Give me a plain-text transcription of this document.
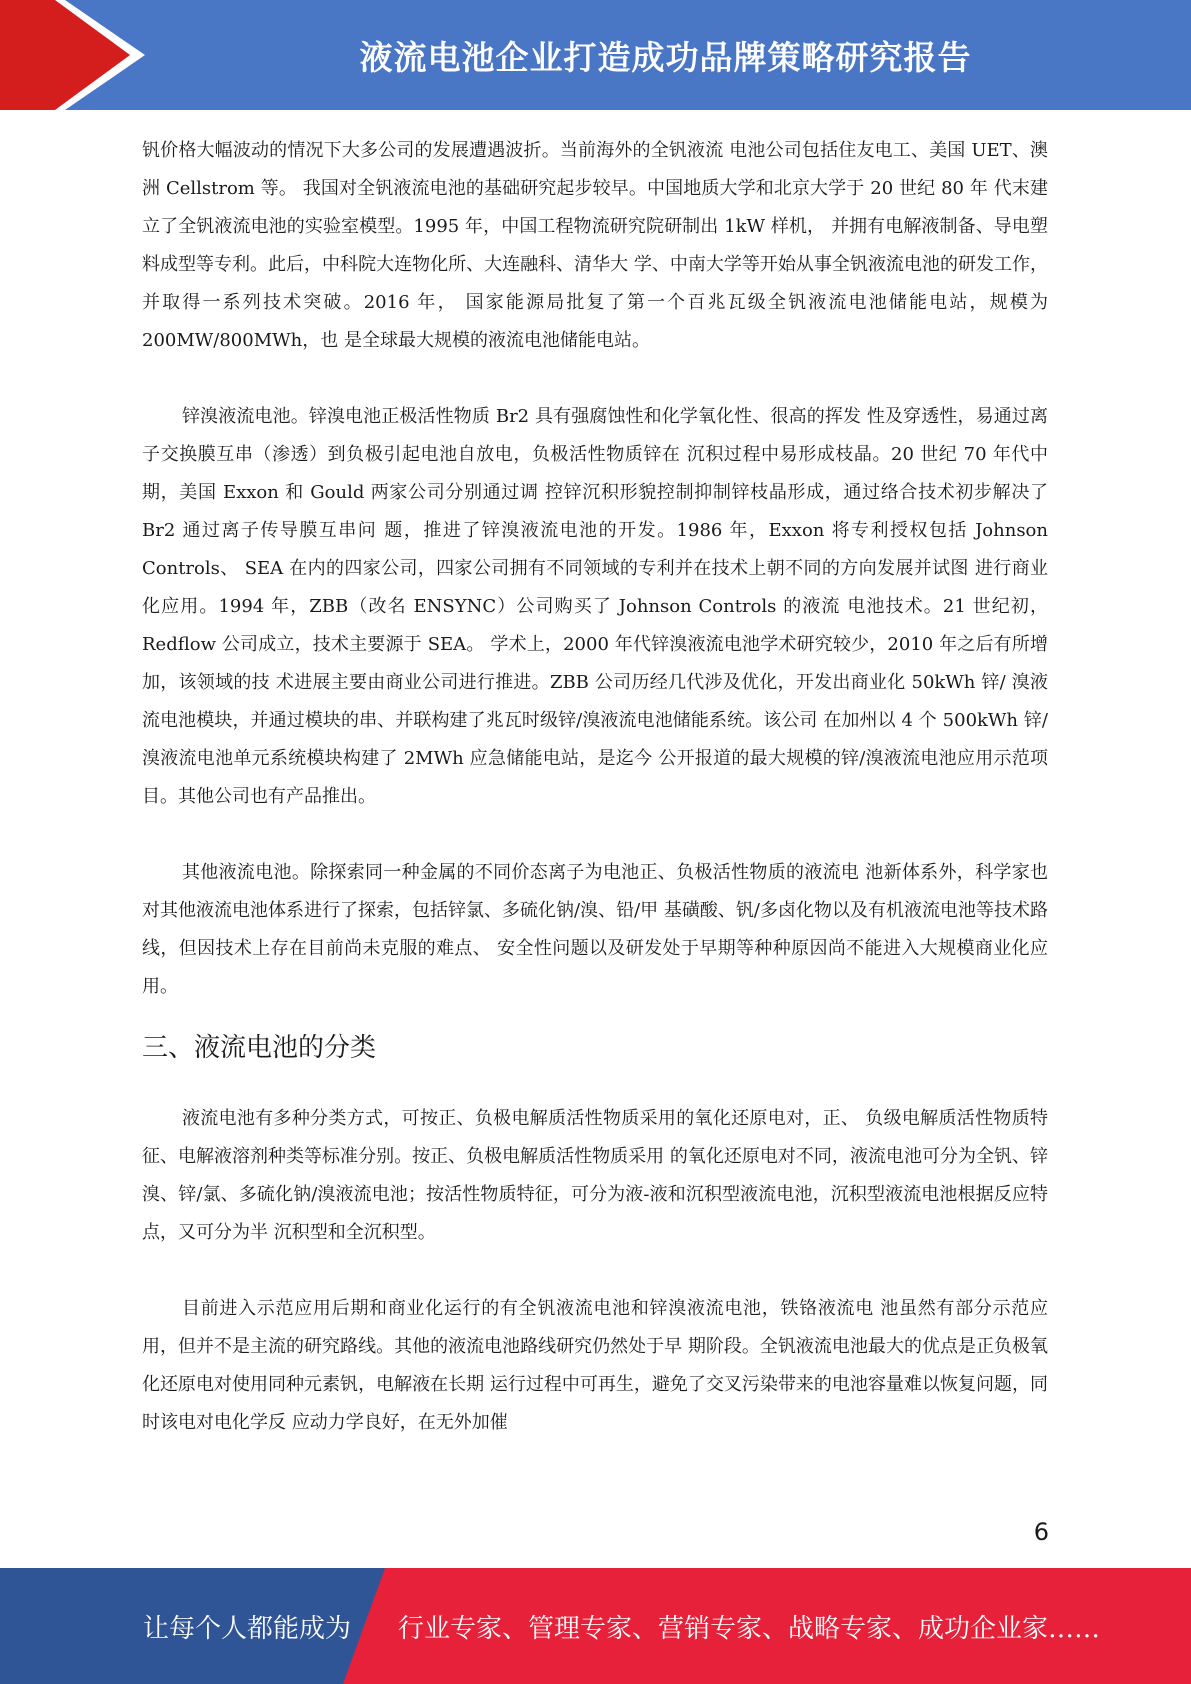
液流电池企业打造成功品牌策略研究报告

钒价格大幅波动的情况下大多公司的发展遭遇波折。当前海外的全钒液流 电池公司包括住友电工、美国 UET、澳洲 Cellstrom 等。 我国对全钒液流电池的基础研究起步较早。中国地质大学和北京大学于 20 世纪 80 年 代末建立了全钒液流电池的实验室模型。1995 年，中国工程物流研究院研制出 1kW 样机， 并拥有电解液制备、导电塑料成型等专利。此后，中科院大连物化所、大连融科、清华大 学、中南大学等开始从事全钒液流电池的研发工作，并取得一系列技术突破。2016 年， 国家能源局批复了第一个百兆瓦级全钒液流电池储能电站，规模为 200MW/800MWh，也 是全球最大规模的液流电池储能电站。

锌溴液流电池。锌溴电池正极活性物质 Br2 具有强腐蚀性和化学氧化性、很高的挥发 性及穿透性，易通过离子交换膜互串（渗透）到负极引起电池自放电，负极活性物质锌在 沉积过程中易形成枝晶。20 世纪 70 年代中期，美国 Exxon 和 Gould 两家公司分别通过调 控锌沉积形貌控制抑制锌枝晶形成，通过络合技术初步解决了 Br2 通过离子传导膜互串问 题，推进了锌溴液流电池的开发。1986 年，Exxon 将专利授权包括 Johnson Controls、 SEA 在内的四家公司，四家公司拥有不同领域的专利并在技术上朝不同的方向发展并试图 进行商业化应用。1994 年，ZBB（改名 ENSYNC）公司购买了 Johnson Controls 的液流 电池技术。21 世纪初，Redflow 公司成立，技术主要源于 SEA。 学术上，2000 年代锌溴液流电池学术研究较少，2010 年之后有所增加，该领域的技 术进展主要由商业公司进行推进。ZBB 公司历经几代涉及优化，开发出商业化 50kWh 锌/ 溴液流电池模块，并通过模块的串、并联构建了兆瓦时级锌/溴液流电池储能系统。该公司 在加州以 4 个 500kWh 锌/溴液流电池单元系统模块构建了 2MWh 应急储能电站，是迄今 公开报道的最大规模的锌/溴液流电池应用示范项目。其他公司也有产品推出。

其他液流电池。除探索同一种金属的不同价态离子为电池正、负极活性物质的液流电 池新体系外，科学家也对其他液流电池体系进行了探索，包括锌氯、多硫化钠/溴、铅/甲 基磺酸、钒/多卤化物以及有机液流电池等技术路线，但因技术上存在目前尚未克服的难点、 安全性问题以及研发处于早期等种种原因尚不能进入大规模商业化应用。

三、液流电池的分类

液流电池有多种分类方式，可按正、负极电解质活性物质采用的氧化还原电对，正、 负级电解质活性物质特征、电解液溶剂种类等标准分别。按正、负极电解质活性物质采用 的氧化还原电对不同，液流电池可分为全钒、锌溴、锌/氯、多硫化钠/溴液流电池；按活性物质特征，可分为液-液和沉积型液流电池，沉积型液流电池根据反应特点，又可分为半 沉积型和全沉积型。

目前进入示范应用后期和商业化运行的有全钒液流电池和锌溴液流电池，铁铬液流电 池虽然有部分示范应用，但并不是主流的研究路线。其他的液流电池路线研究仍然处于早 期阶段。全钒液流电池最大的优点是正负极氧化还原电对使用同种元素钒，电解液在长期 运行过程中可再生，避免了交叉污染带来的电池容量难以恢复问题，同时该电对电化学反 应动力学良好，在无外加催

6
让每个人都能成为 行业专家、管理专家、营销专家、战略专家、成功企业家……
